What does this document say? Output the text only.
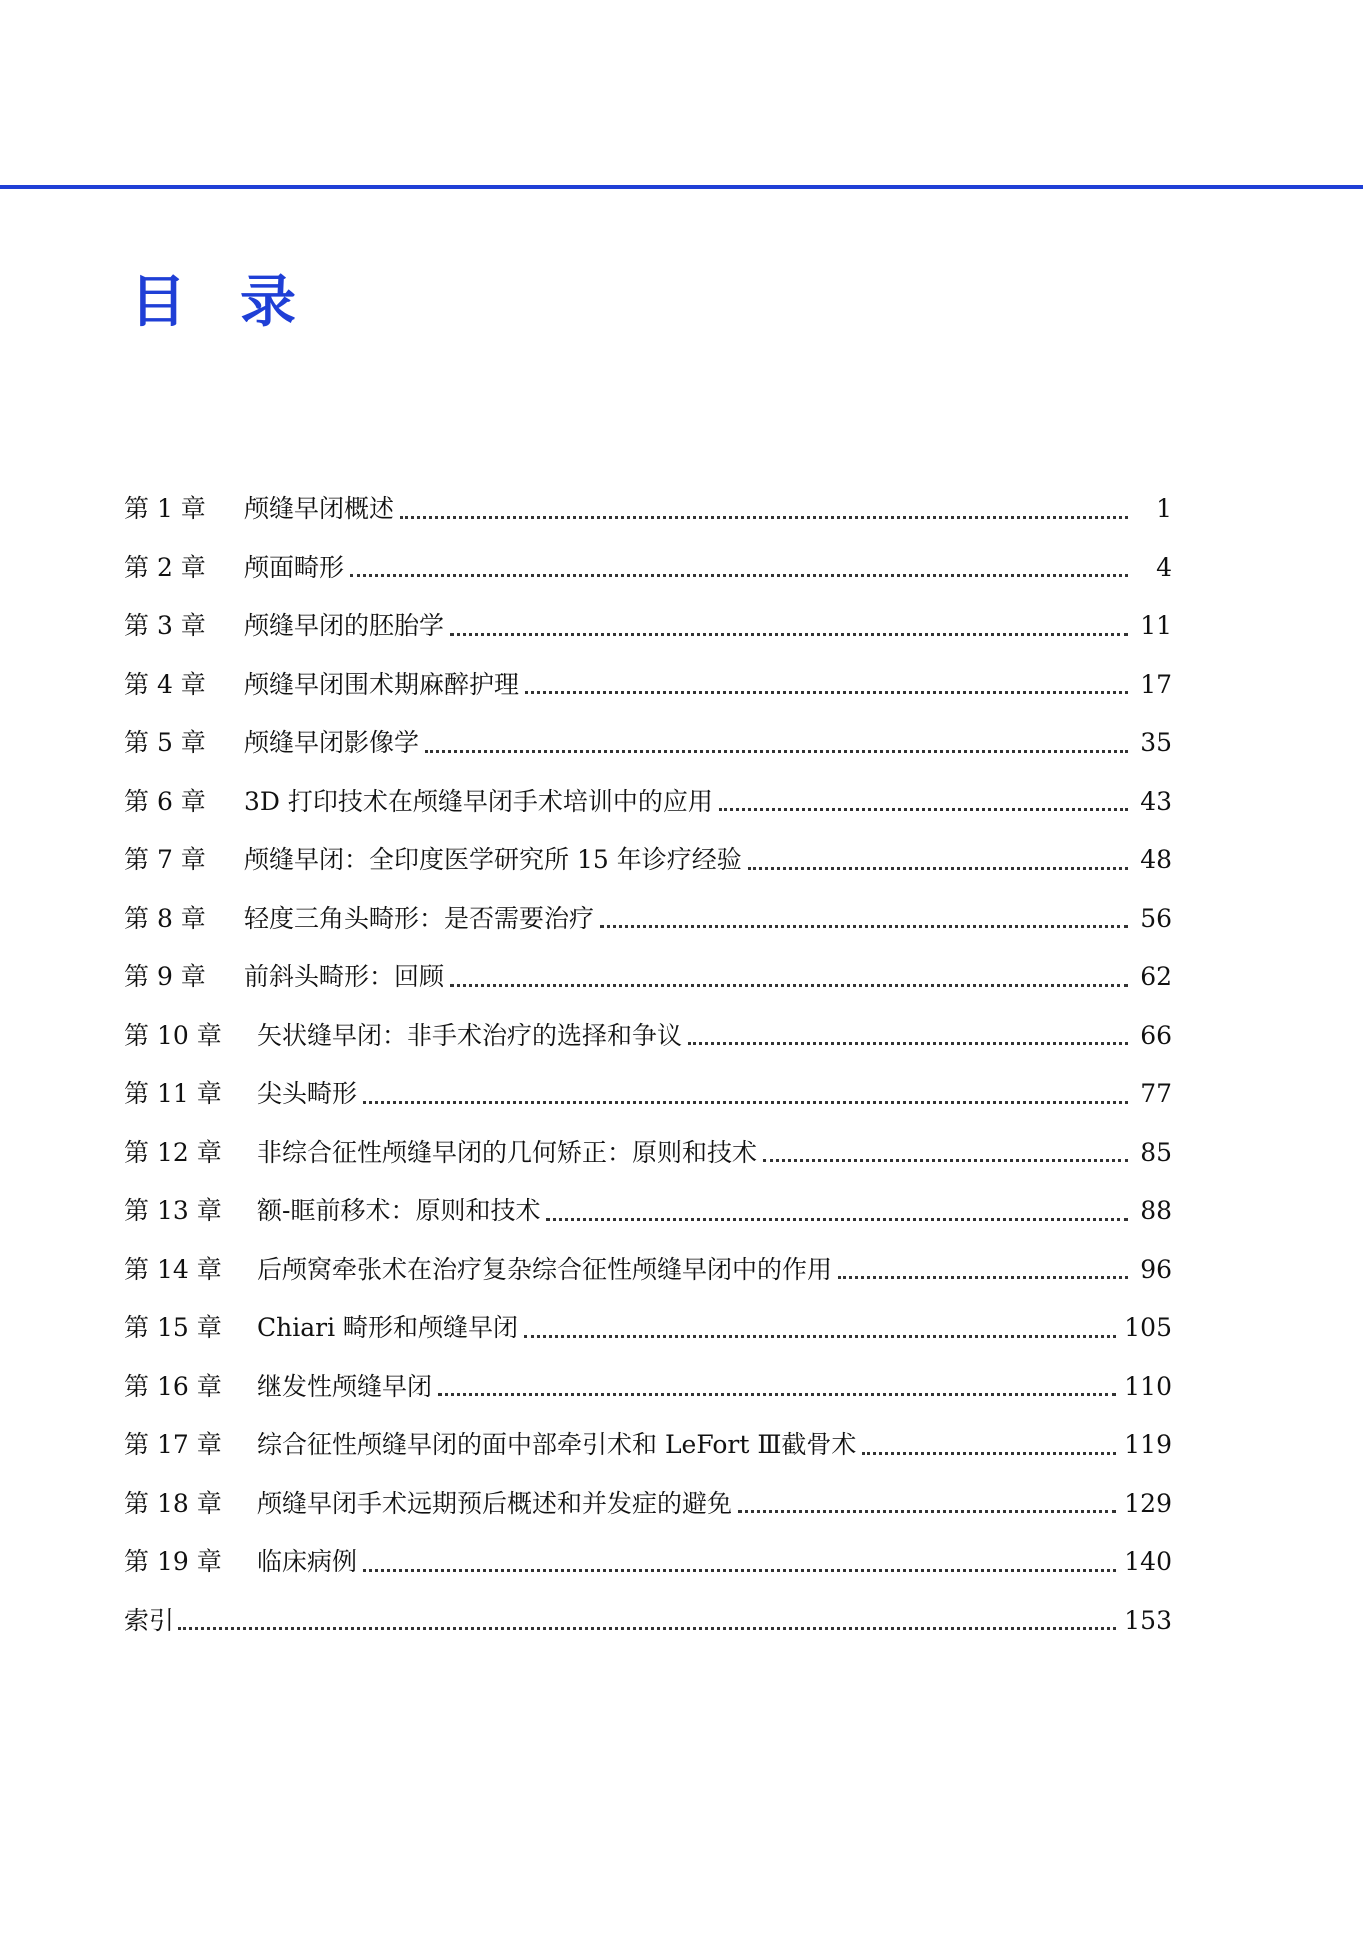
目录
第 1 章	颅缝早闭概述	1
第 2 章	颅面畸形	4
第 3 章	颅缝早闭的胚胎学	11
第 4 章	颅缝早闭围术期麻醉护理	17
第 5 章	颅缝早闭影像学	35
第 6 章	3D 打印技术在颅缝早闭手术培训中的应用	43
第 7 章	颅缝早闭：全印度医学研究所 15 年诊疗经验	48
第 8 章	轻度三角头畸形：是否需要治疗	56
第 9 章	前斜头畸形：回顾	62
第 10 章	矢状缝早闭：非手术治疗的选择和争议	66
第 11 章	尖头畸形	77
第 12 章	非综合征性颅缝早闭的几何矫正：原则和技术	85
第 13 章	额-眶前移术：原则和技术	88
第 14 章	后颅窝牵张术在治疗复杂综合征性颅缝早闭中的作用	96
第 15 章	Chiari 畸形和颅缝早闭	105
第 16 章	继发性颅缝早闭	110
第 17 章	综合征性颅缝早闭的面中部牵引术和 LeFort Ⅲ截骨术	119
第 18 章	颅缝早闭手术远期预后概述和并发症的避免	129
第 19 章	临床病例	140
索引	153
